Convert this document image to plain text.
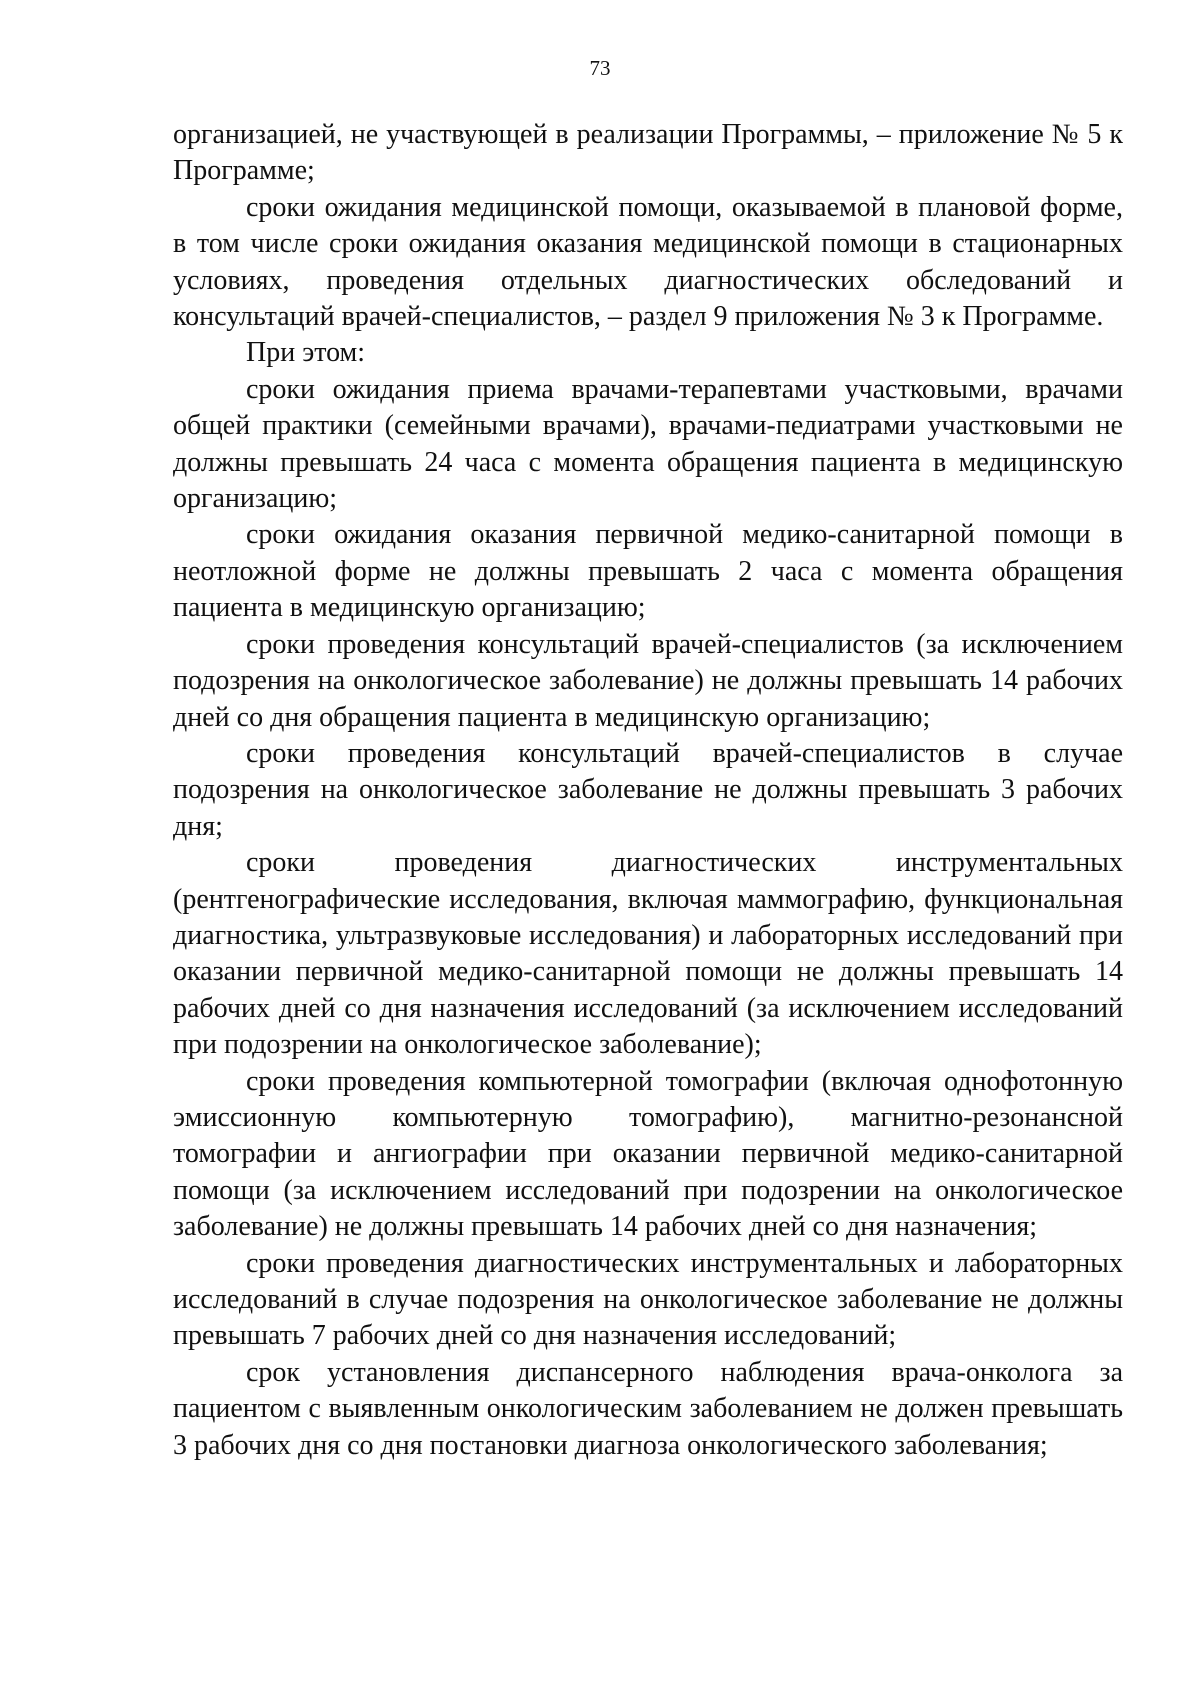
73

организацией, не участвующей в реализации Программы, – приложение № 5 к Программе;

сроки ожидания медицинской помощи, оказываемой в плановой форме, в том числе сроки ожидания оказания медицинской помощи в стационарных условиях, проведения отдельных диагностических обследований и консультаций врачей-специалистов, – раздел 9 приложения № 3 к Программе.

При этом:

сроки ожидания приема врачами-терапевтами участковыми, врачами общей практики (семейными врачами), врачами-педиатрами участковыми не должны превышать 24 часа с момента обращения пациента в медицинскую организацию;

сроки ожидания оказания первичной медико-санитарной помощи в неотложной форме не должны превышать 2 часа с момента обращения пациента в медицинскую организацию;

сроки проведения консультаций врачей-специалистов (за исключением подозрения на онкологическое заболевание) не должны превышать 14 рабочих дней со дня обращения пациента в медицинскую организацию;

сроки проведения консультаций врачей-специалистов в случае подозрения на онкологическое заболевание не должны превышать 3 рабочих дня;

сроки проведения диагностических инструментальных (рентгенографические исследования, включая маммографию, функциональная диагностика, ультразвуковые исследования) и лабораторных исследований при оказании первичной медико-санитарной помощи не должны превышать 14 рабочих дней со дня назначения исследований (за исключением исследований при подозрении на онкологическое заболевание);

сроки проведения компьютерной томографии (включая однофотонную эмиссионную компьютерную томографию), магнитно-резонансной томографии и ангиографии при оказании первичной медико-санитарной помощи (за исключением исследований при подозрении на онкологическое заболевание) не должны превышать 14 рабочих дней со дня назначения;

сроки проведения диагностических инструментальных и лабораторных исследований в случае подозрения на онкологическое заболевание не должны превышать 7 рабочих дней со дня назначения исследований;

срок установления диспансерного наблюдения врача-онколога за пациентом с выявленным онкологическим заболеванием не должен превышать 3 рабочих дня со дня постановки диагноза онкологического заболевания;
